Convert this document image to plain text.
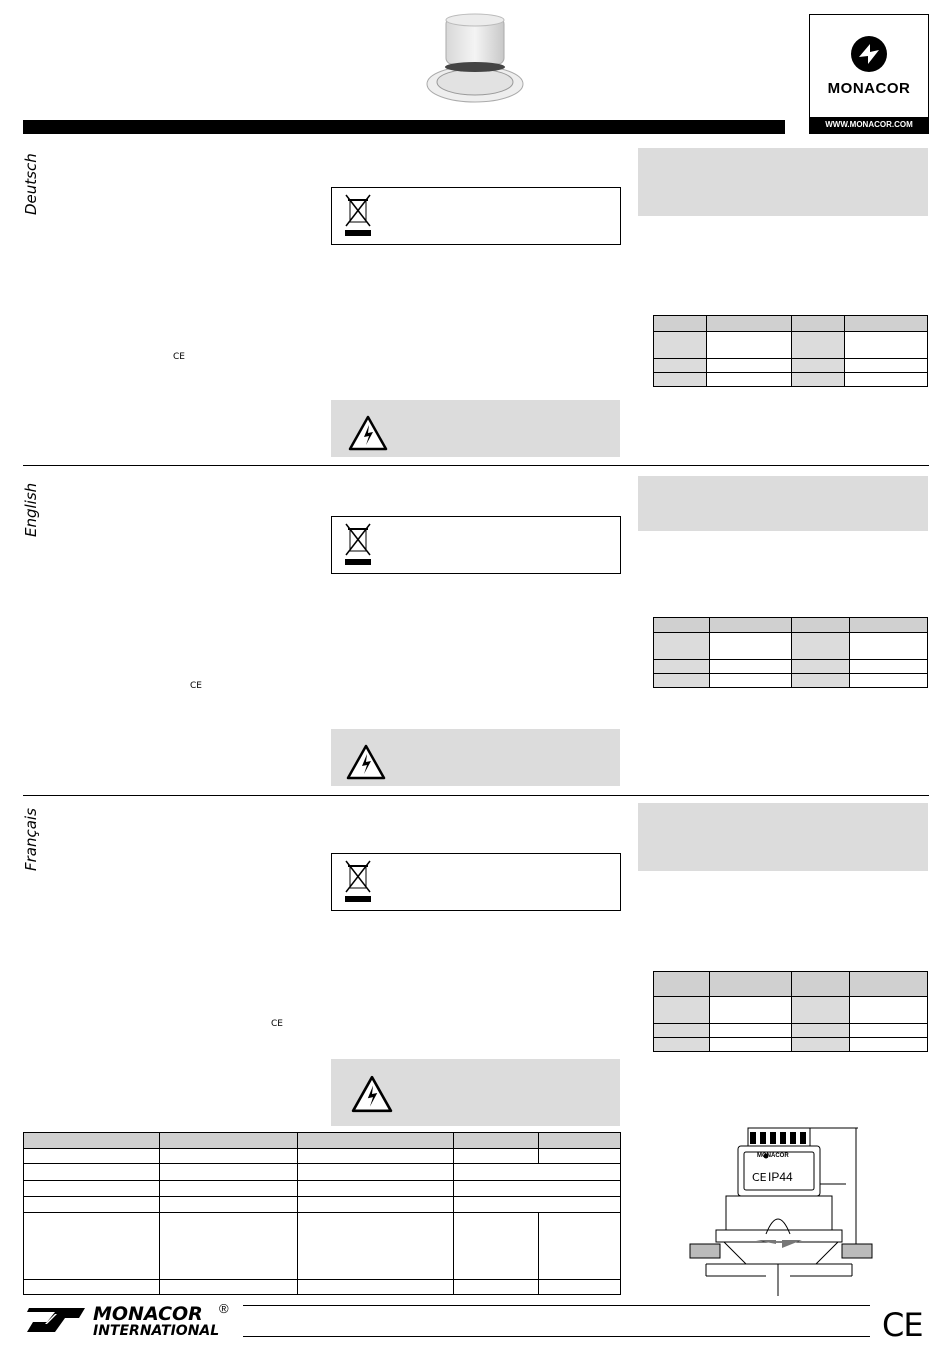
MONACOR
WWW.MONACOR.COM
Deutsch
English
Français
CE
CE
CE

MONACOR
CE IP44
MONACOR
INTERNATIONAL
®	CE
